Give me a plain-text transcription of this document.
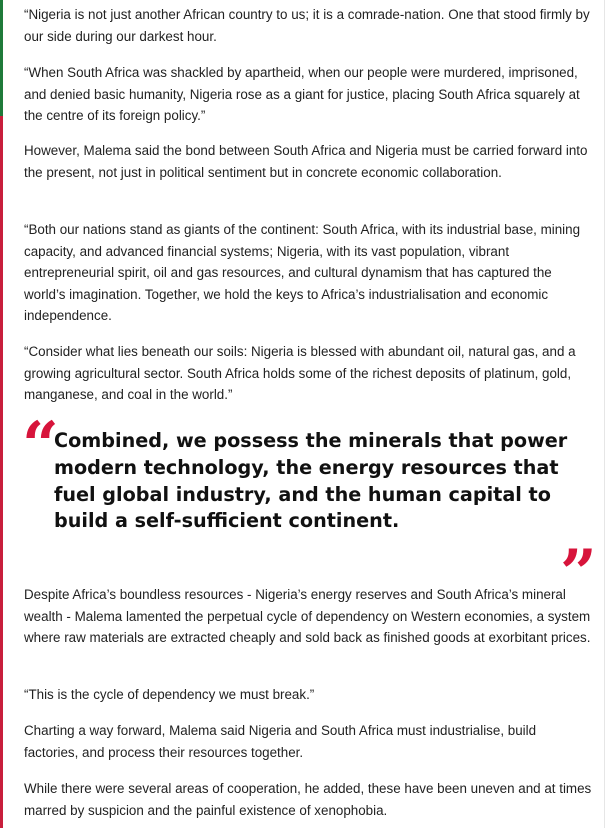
“Nigeria is not just another African country to us; it is a comrade-nation. One that stood firmly by our side during our darkest hour.

“When South Africa was shackled by apartheid, when our people were murdered, imprisoned, and denied basic humanity, Nigeria rose as a giant for justice, placing South Africa squarely at the centre of its foreign policy.”

However, Malema said the bond between South Africa and Nigeria must be carried forward into the present, not just in political sentiment but in concrete economic collaboration.

“Both our nations stand as giants of the continent: South Africa, with its industrial base, mining capacity, and advanced financial systems; Nigeria, with its vast population, vibrant entrepreneurial spirit, oil and gas resources, and cultural dynamism that has captured the world’s imagination. Together, we hold the keys to Africa’s industrialisation and economic independence.

“Consider what lies beneath our soils: Nigeria is blessed with abundant oil, natural gas, and a growing agricultural sector. South Africa holds some of the richest deposits of platinum, gold, manganese, and coal in the world.”

“

Combined, we possess the minerals that power modern technology, the energy resources that fuel global industry, and the human capital to build a self-sufficient continent.

”

Despite Africa’s boundless resources - Nigeria’s energy reserves and South Africa’s mineral wealth - Malema lamented the perpetual cycle of dependency on Western economies, a system where raw materials are extracted cheaply and sold back as finished goods at exorbitant prices.

“This is the cycle of dependency we must break.”

Charting a way forward, Malema said Nigeria and South Africa must industrialise, build factories, and process their resources together.

While there were several areas of cooperation, he added, these have been uneven and at times marred by suspicion and the painful existence of xenophobia.
